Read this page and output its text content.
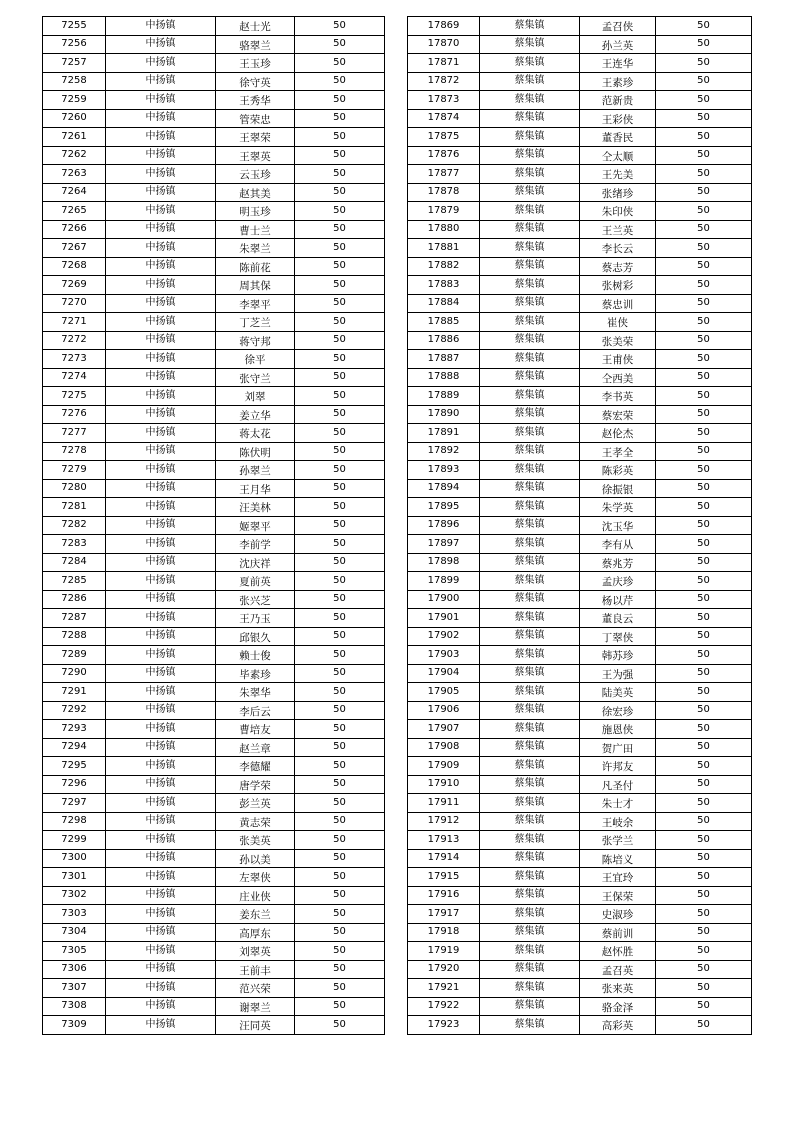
7255	中扬镇	赵士光	50
7256	中扬镇	骆翠兰	50
7257	中扬镇	王玉珍	50
7258	中扬镇	徐守英	50
7259	中扬镇	王秀华	50
7260	中扬镇	管荣忠	50
7261	中扬镇	王翠荣	50
7262	中扬镇	王翠英	50
7263	中扬镇	云玉珍	50
7264	中扬镇	赵其美	50
7265	中扬镇	明玉珍	50
7266	中扬镇	曹士兰	50
7267	中扬镇	朱翠兰	50
7268	中扬镇	陈前花	50
7269	中扬镇	周其保	50
7270	中扬镇	李翠平	50
7271	中扬镇	丁芝兰	50
7272	中扬镇	蒋守邦	50
7273	中扬镇	徐平	50
7274	中扬镇	张守兰	50
7275	中扬镇	刘翠	50
7276	中扬镇	姜立华	50
7277	中扬镇	蒋太花	50
7278	中扬镇	陈伏明	50
7279	中扬镇	孙翠兰	50
7280	中扬镇	王月华	50
7281	中扬镇	汪美林	50
7282	中扬镇	姬翠平	50
7283	中扬镇	李前学	50
7284	中扬镇	沈庆祥	50
7285	中扬镇	夏前英	50
7286	中扬镇	张兴芝	50
7287	中扬镇	王乃玉	50
7288	中扬镇	邱银久	50
7289	中扬镇	赖士俊	50
7290	中扬镇	毕素珍	50
7291	中扬镇	朱翠华	50
7292	中扬镇	李后云	50
7293	中扬镇	曹培友	50
7294	中扬镇	赵兰章	50
7295	中扬镇	李德耀	50
7296	中扬镇	唐学荣	50
7297	中扬镇	彭兰英	50
7298	中扬镇	黄志荣	50
7299	中扬镇	张美英	50
7300	中扬镇	孙以美	50
7301	中扬镇	左翠侠	50
7302	中扬镇	庄业侠	50
7303	中扬镇	姜东兰	50
7304	中扬镇	高厚东	50
7305	中扬镇	刘翠英	50
7306	中扬镇	王前丰	50
7307	中扬镇	范兴荣	50
7308	中扬镇	谢翠兰	50
7309	中扬镇	汪同英	50
17869	蔡集镇	孟召侠	50
17870	蔡集镇	孙兰英	50
17871	蔡集镇	王连华	50
17872	蔡集镇	王素珍	50
17873	蔡集镇	范新贵	50
17874	蔡集镇	王彩侠	50
17875	蔡集镇	董香民	50
17876	蔡集镇	仝太顺	50
17877	蔡集镇	王先美	50
17878	蔡集镇	张绪珍	50
17879	蔡集镇	朱印侠	50
17880	蔡集镇	王兰英	50
17881	蔡集镇	李长云	50
17882	蔡集镇	蔡志芳	50
17883	蔡集镇	张树彩	50
17884	蔡集镇	蔡忠训	50
17885	蔡集镇	崔侠	50
17886	蔡集镇	张美荣	50
17887	蔡集镇	王甫侠	50
17888	蔡集镇	仝西美	50
17889	蔡集镇	李书英	50
17890	蔡集镇	蔡宏荣	50
17891	蔡集镇	赵伦杰	50
17892	蔡集镇	王孝全	50
17893	蔡集镇	陈彩英	50
17894	蔡集镇	徐振银	50
17895	蔡集镇	朱学英	50
17896	蔡集镇	沈玉华	50
17897	蔡集镇	李有从	50
17898	蔡集镇	蔡兆芳	50
17899	蔡集镇	孟庆珍	50
17900	蔡集镇	杨以芹	50
17901	蔡集镇	董良云	50
17902	蔡集镇	丁翠侠	50
17903	蔡集镇	韩苏珍	50
17904	蔡集镇	王为强	50
17905	蔡集镇	陆美英	50
17906	蔡集镇	徐宏珍	50
17907	蔡集镇	施恩侠	50
17908	蔡集镇	贺广田	50
17909	蔡集镇	许邦友	50
17910	蔡集镇	凡圣付	50
17911	蔡集镇	朱士才	50
17912	蔡集镇	王岐余	50
17913	蔡集镇	张学兰	50
17914	蔡集镇	陈培义	50
17915	蔡集镇	王宜玲	50
17916	蔡集镇	王保荣	50
17917	蔡集镇	史淑珍	50
17918	蔡集镇	蔡前训	50
17919	蔡集镇	赵怀胜	50
17920	蔡集镇	孟召英	50
17921	蔡集镇	张来英	50
17922	蔡集镇	骆金泽	50
17923	蔡集镇	高彩英	50
